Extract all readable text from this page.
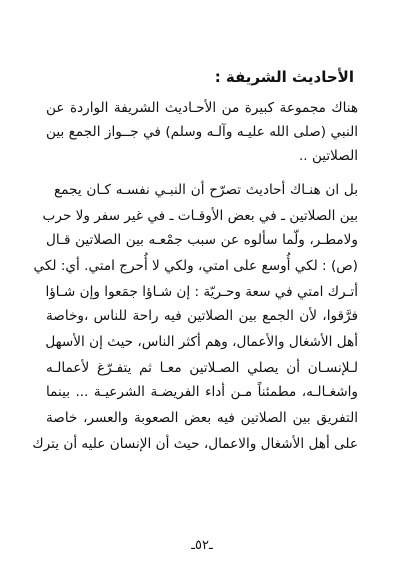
الأحاديث الشريفة :

هناك مجموعة كبيرة من الأحـاديث الشريفة الواردة عن

النبي (صلى الله عليـه وآلـه وسلم) في جــواز الجمع بين

الصلاتين ..

بل ان هنـاك أحاديث تصرّح أن النبـي نفسـه كـان يجمع

بين الصلاتين ـ في بعض الأوقـات ـ في غير سفر ولا حرب

ولامطـر، ولّما سألوه عن سبب جمْعـه بين الصلاتين قـال

(ص) : لكي أُوسع على امتي، ولكي لا أُحرج امتي. أي: لكي

أتـرك امتي في سعة وحـريّة : إن شـاؤا جمَعوا وإن شـاؤا

فرَّقوا، لأن الجمع بين الصلاتين فيه راحة للناس ،وخاصة

أهل الأشغال والأعمال، وهم أكثر الناس، حيث إن الأسهل

لـلإنسـان أن يصلي الصـلاتين معـا ثم يتفـرّغ لأعمالـه

واشغـالـه، مطمئناً مـن أداء الفريضـة الشرعيـة ... بينما

التفريق بين الصلاتين فيه بعض الصعوبة والعسر، خاصة

على أهل الأشغال والاعمال، حيث أن الإنسان عليه أن يترك

ـ٥٢ـ
